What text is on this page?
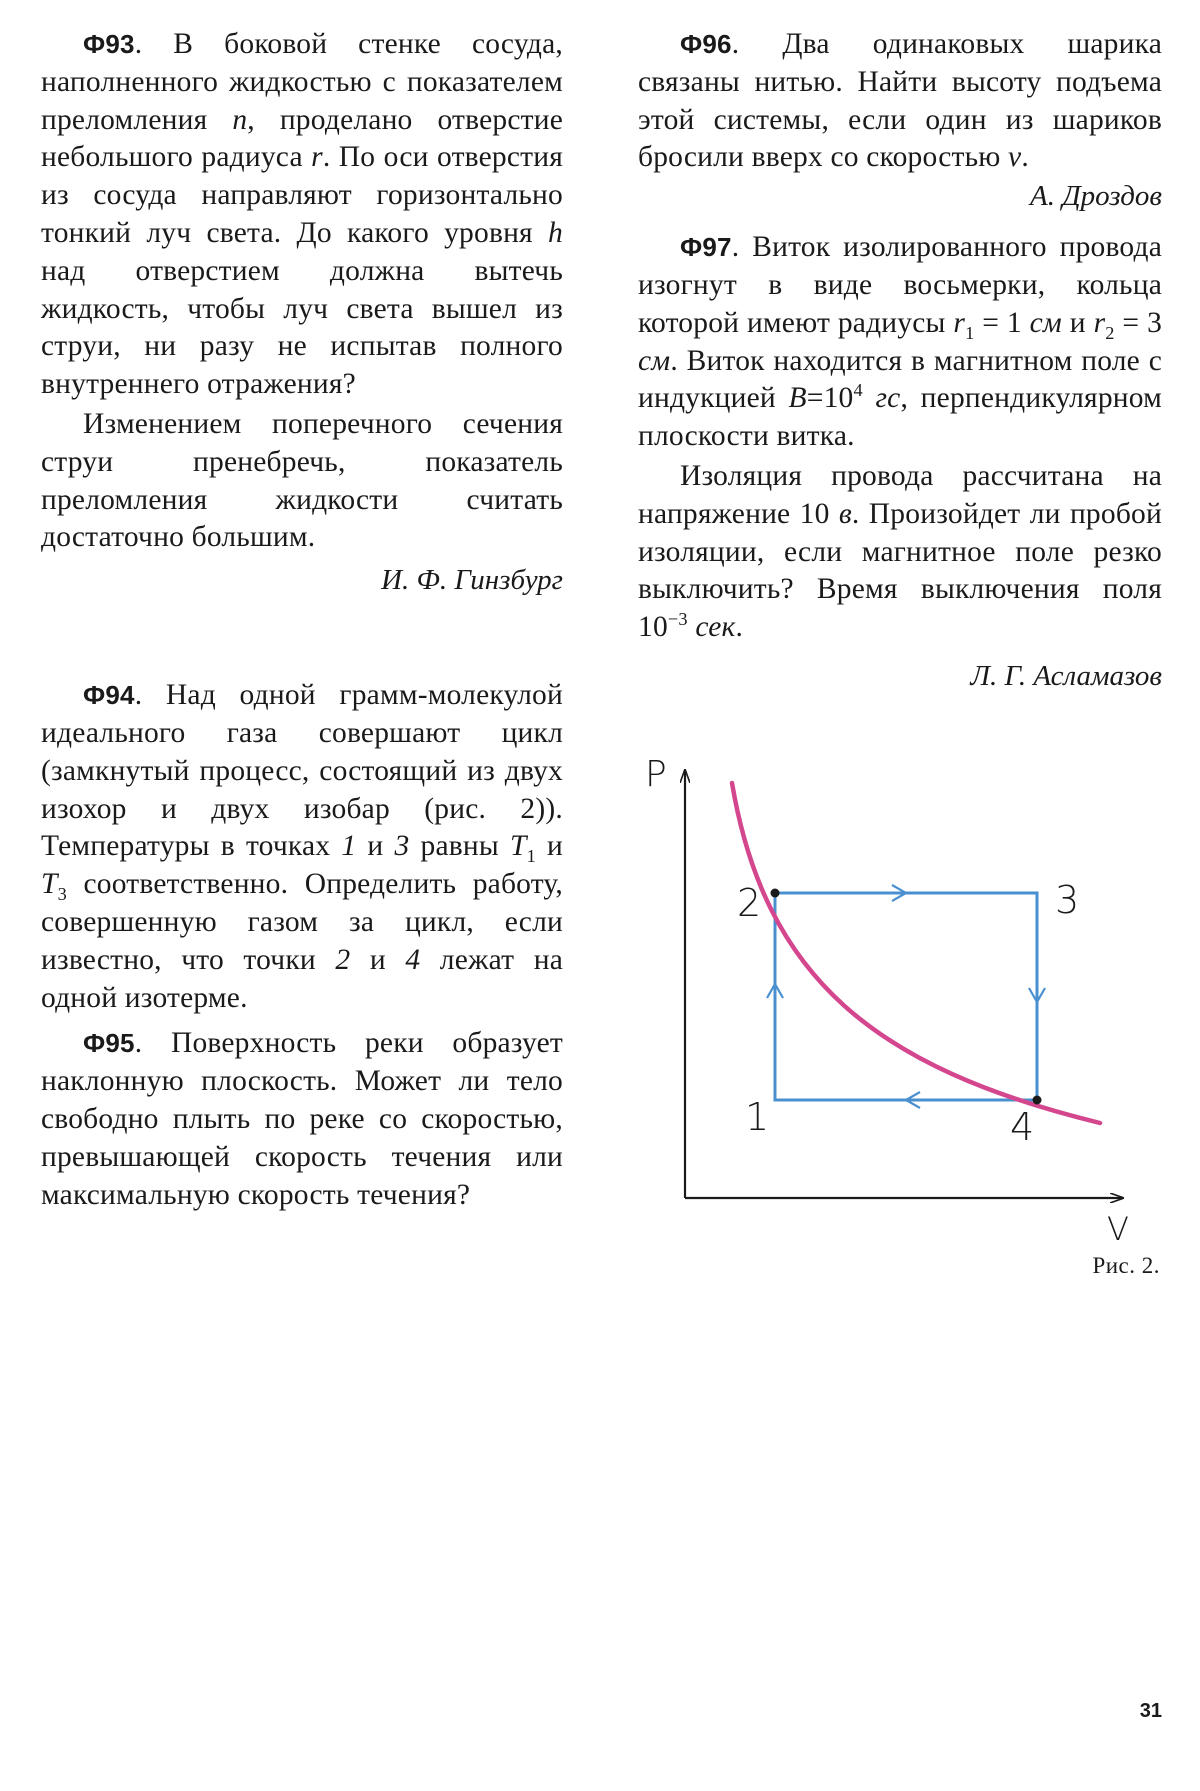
Ф93. В боковой стенке сосуда, наполненного жидкостью с показателем преломления n, проделано отверстие небольшого радиуса r. По оси отверстия из сосуда направляют горизонтально тонкий луч света. До какого уровня h над отверстием должна вытечь жидкость, чтобы луч света вышел из струи, ни разу не испытав полного внутреннего отражения?

Изменением поперечного сечения струи пренебречь, показатель преломления жидкости считать достаточно большим.

И. Ф. Гинзбург

Ф94. Над одной грамм-молекулой идеального газа совершают цикл (замкнутый процесс, состоящий из двух изохор и двух изобар (рис. 2)). Температуры в точках 1 и 3 равны $T_1$ и $T_3$ соответственно. Определить работу, совершенную газом за цикл, если известно, что точки 2 и 4 лежат на одной изотерме.

Ф95. Поверхность реки образует наклонную плоскость. Может ли тело свободно плыть по реке со скоростью, превышающей скорость течения или максимальную скорость течения?

Ф96. Два одинаковых шарика связаны нитью. Найти высоту подъема этой системы, если один из шариков бросили вверх со скоростью v.

А. Дроздов

Ф97. Виток изолированного провода изогнут в виде восьмерки, кольца которой имеют радиусы $r_1 = 1$ см и $r_2 = 3$ см. Виток находится в магнитном поле с индукцией $B=10^4$ гс, перпендикулярном плоскости витка.

Изоляция провода рассчитана на напряжение 10 в. Произойдет ли пробой изоляции, если магнитное поле резко выключить? Время выключения поля $10^{-3}$ сек.

Л. Г. Асламазов

P
V
1
2	3
4
Рис. 2.
31
